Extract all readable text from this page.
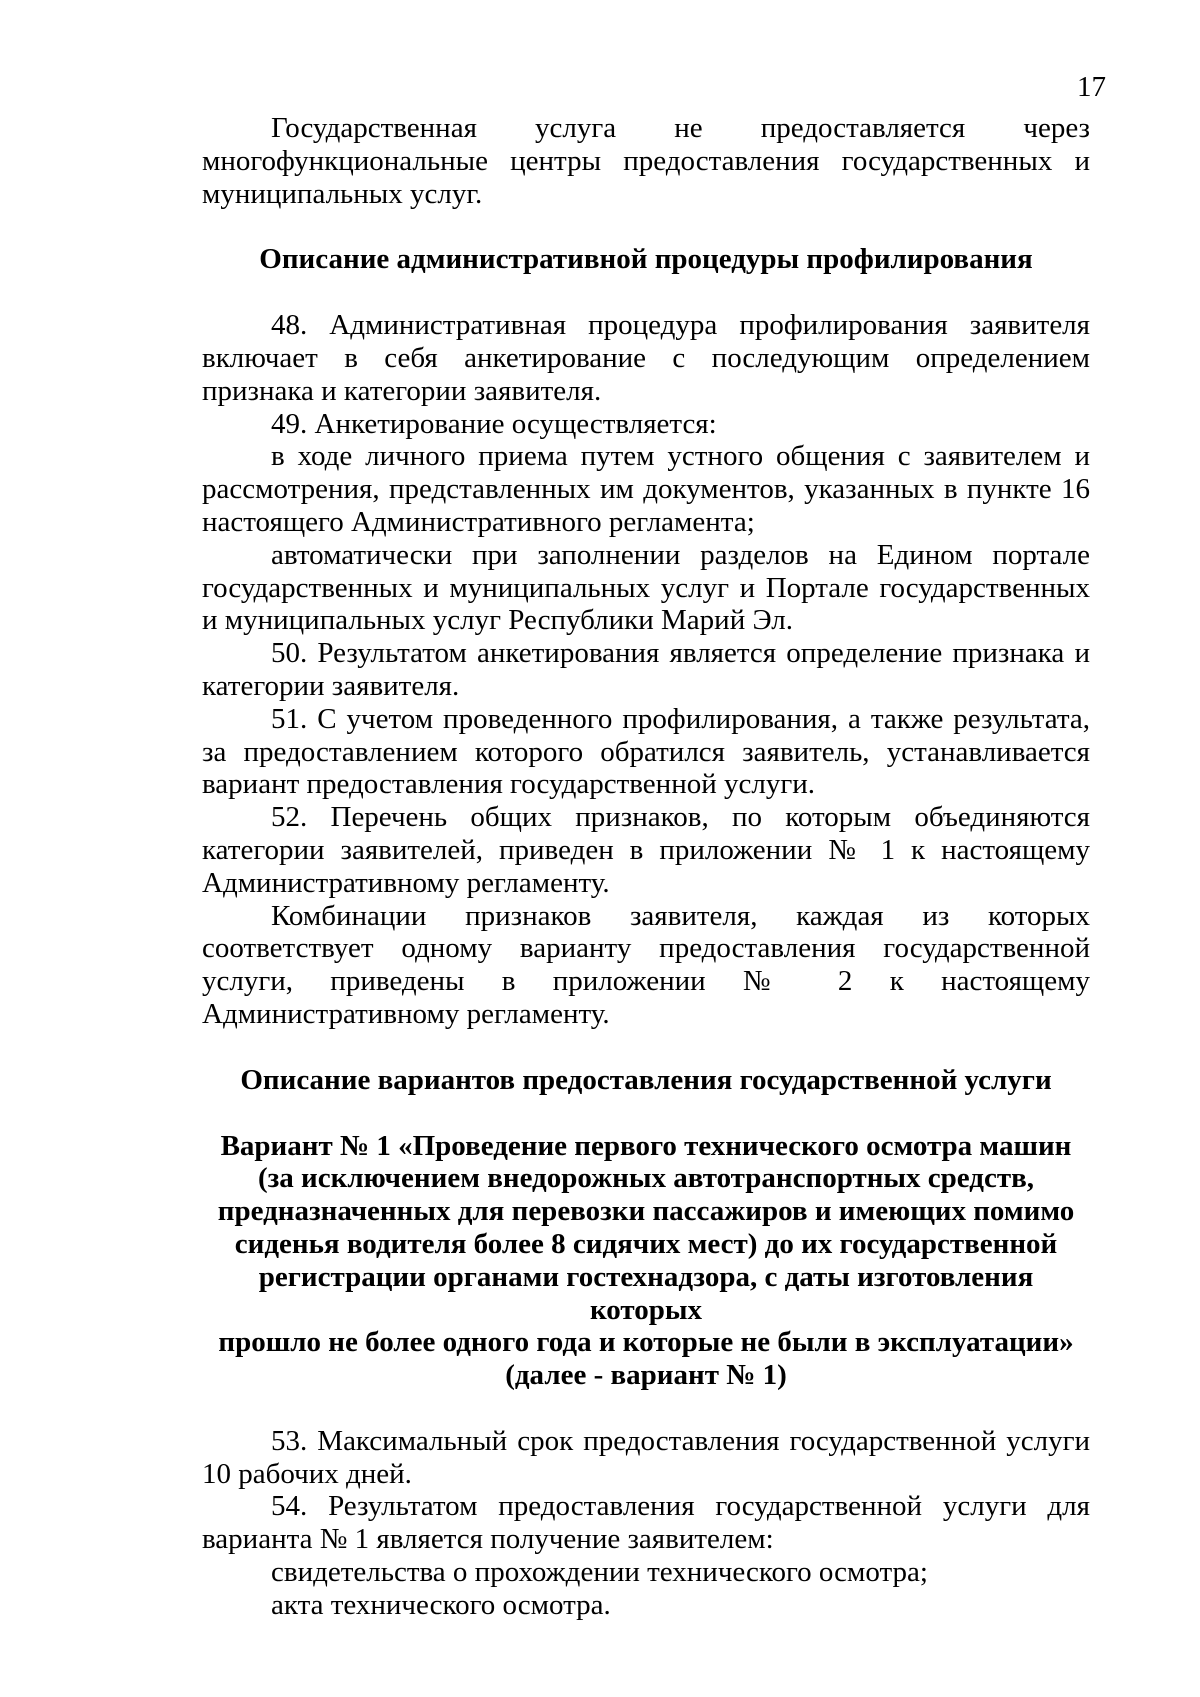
17

Государственная услуга не предоставляется через многофункциональные центры предоставления государственных и муниципальных услуг.

Описание административной процедуры профилирования

48. Административная процедура профилирования заявителя включает в себя анкетирование с последующим определением признака и категории заявителя.

49. Анкетирование осуществляется:

в ходе личного приема путем устного общения с заявителем и рассмотрения, представленных им документов, указанных в пункте 16 настоящего Административного регламента;

автоматически при заполнении разделов на Едином портале государственных и муниципальных услуг и Портале государственных и муниципальных услуг Республики Марий Эл.

50. Результатом анкетирования является определение признака и категории заявителя.

51. С учетом проведенного профилирования, а также результата, за предоставлением которого обратился заявитель, устанавливается вариант предоставления государственной услуги.

52. Перечень общих признаков, по которым объединяются категории заявителей, приведен в приложении № 1 к настоящему Административному регламенту.

Комбинации признаков заявителя, каждая из которых соответствует одному варианту предоставления государственной услуги, приведены в приложении № 2 к настоящему Административному регламенту.

Описание вариантов предоставления государственной услуги

Вариант № 1 «Проведение первого технического осмотра машин

(за исключением внедорожных автотранспортных средств,

предназначенных для перевозки пассажиров и имеющих помимо

сиденья водителя более 8 сидячих мест) до их государственной

регистрации органами гостехнадзора, с даты изготовления которых

прошло не более одного года и которые не были в эксплуатации»

(далее - вариант № 1)

53. Максимальный срок предоставления государственной услуги 10 рабочих дней.

54. Результатом предоставления государственной услуги для варианта № 1 является получение заявителем:

свидетельства о прохождении технического осмотра;

акта технического осмотра.
